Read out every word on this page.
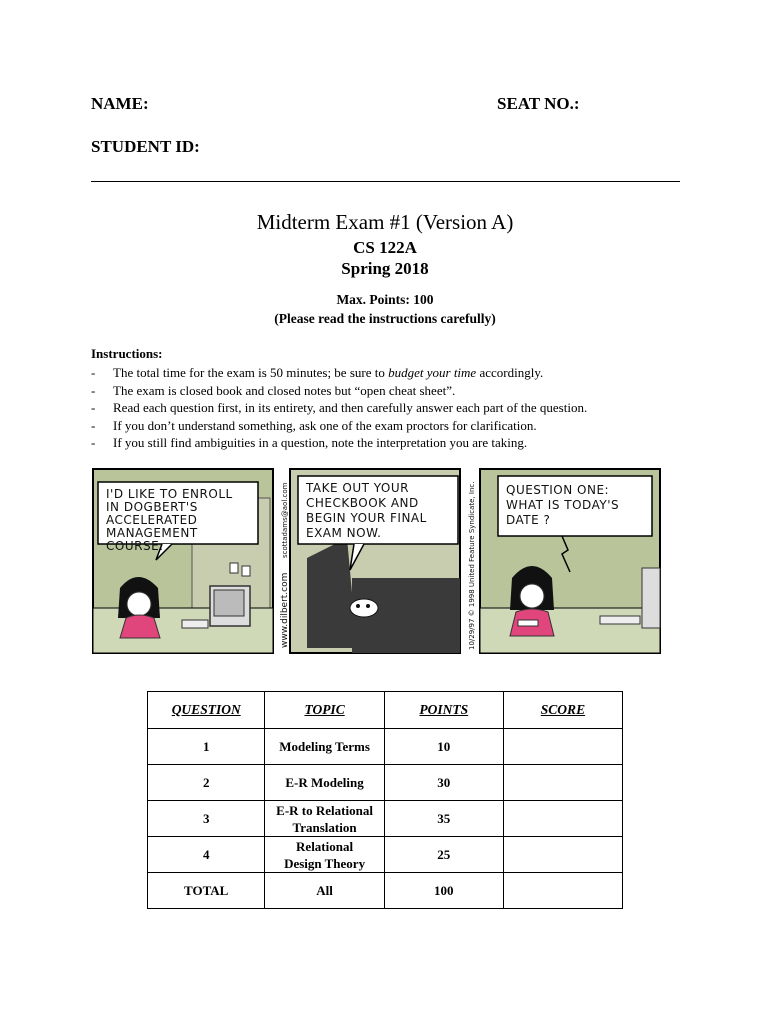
NAME:	SEAT NO.:
STUDENT ID:
Midterm Exam #1 (Version A)
CS 122A
Spring 2018
Max. Points: 100
(Please read the instructions carefully)
Instructions:
- The total time for the exam is 50 minutes; be sure to budget your time accordingly.
- The exam is closed book and closed notes but “open cheat sheet”.
- Read each question first, in its entirety, and then carefully answer each part of the question.
- If you don’t understand something, ask one of the exam proctors for clarification.
- If you still find ambiguities in a question, note the interpretation you are taking.
I'D LIKE TO ENROLL IN DOGBERT'S ACCELERATED MANAGEMENT COURSE.
TAKE OUT YOUR CHECKBOOK AND BEGIN YOUR FINAL EXAM NOW.
QUESTION ONE: WHAT IS TODAY'S DATE ?
www.dilbert.com
scottadams@aol.com	10/29/97 © 1998 United Feature Syndicate, Inc.
QUESTION	TOPIC	POINTS	SCORE
1	Modeling Terms	10	
2	E-R Modeling	30	
3	E-R to Relational
Translation	35	
4	Relational
Design Theory	25	
TOTAL	All	100	
